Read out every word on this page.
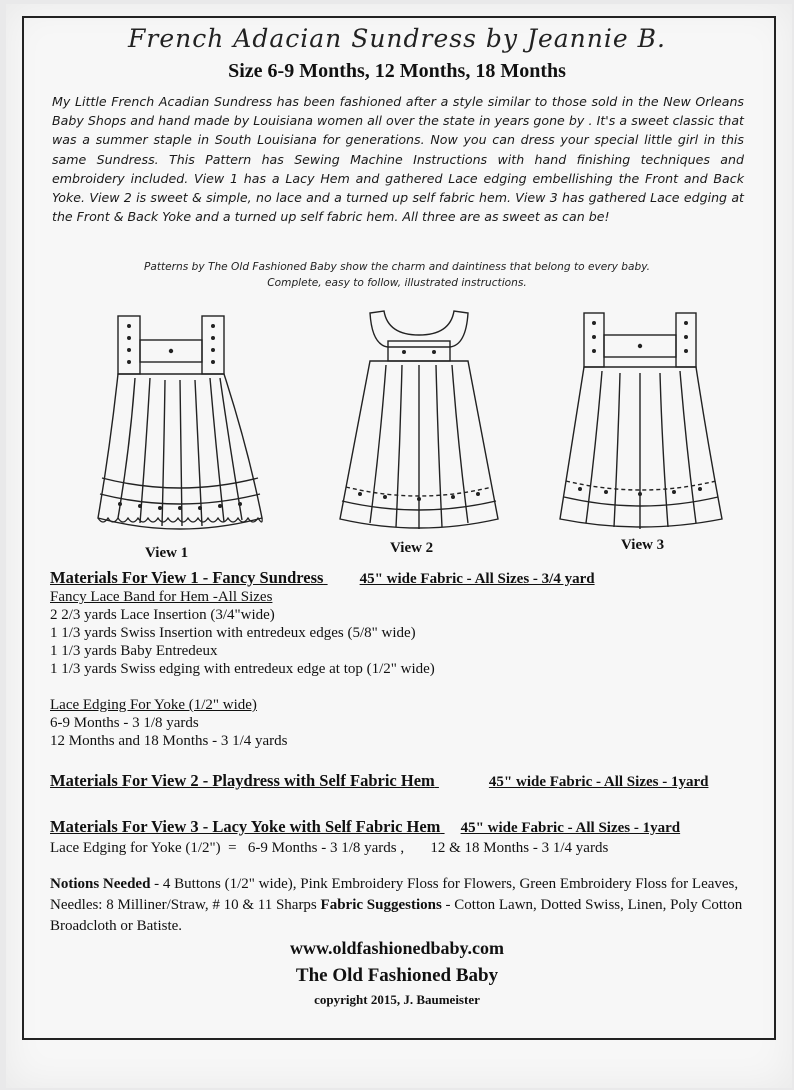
French Adacian Sundress by Jeannie B.
Size 6-9 Months, 12 Months, 18 Months
My Little French Acadian Sundress has been fashioned after a style similar to those sold in the New Orleans Baby Shops and hand made by Louisiana women all over the state in years gone by . It's a sweet classic that was a summer staple in South Louisiana for generations. Now you can dress your special little girl in this same Sundress. This Pattern has Sewing Machine Instructions with hand finishing techniques and embroidery included. View 1 has a Lacy Hem and gathered Lace edging embellishing the Front and Back Yoke. View 2 is sweet & simple, no lace and a turned up self fabric hem. View 3 has gathered Lace edging at the Front & Back Yoke and a turned up self fabric hem. All three are as sweet as can be!
Patterns by The Old Fashioned Baby show the charm and daintiness that belong to every baby.
Complete, easy to follow, illustrated instructions.
View 1	View 2	View 3
Materials For View 1 - Fancy Sundress 45" wide Fabric - All Sizes - 3/4 yard
Fancy Lace Band for Hem -All Sizes
2 2/3 yards Lace Insertion (3/4"wide)
1 1/3 yards Swiss Insertion with entredeux edges (5/8" wide)
1 1/3 yards Baby Entredeux
1 1/3 yards Swiss edging with entredeux edge at top (1/2" wide)
Lace Edging For Yoke (1/2" wide)
6-9 Months - 3 1/8 yards
12 Months and 18 Months - 3 1/4 yards
Materials For View 2 - Playdress with Self Fabric Hem	45" wide Fabric - All Sizes - 1yard
Materials For View 3 - Lacy Yoke with Self Fabric Hem 45" wide Fabric - All Sizes - 1yard
Lace Edging for Yoke (1/2")  =   6-9 Months - 3 1/8 yards ,       12 & 18 Months - 3 1/4 yards
Notions Needed - 4 Buttons (1/2" wide), Pink Embroidery Floss for Flowers, Green Embroidery Floss for Leaves, Needles: 8 Milliner/Straw, # 10 & 11 Sharps Fabric Suggestions - Cotton Lawn, Dotted Swiss, Linen, Poly Cotton Broadcloth or Batiste.
www.oldfashionedbaby.com
The Old Fashioned Baby
copyright 2015, J. Baumeister
